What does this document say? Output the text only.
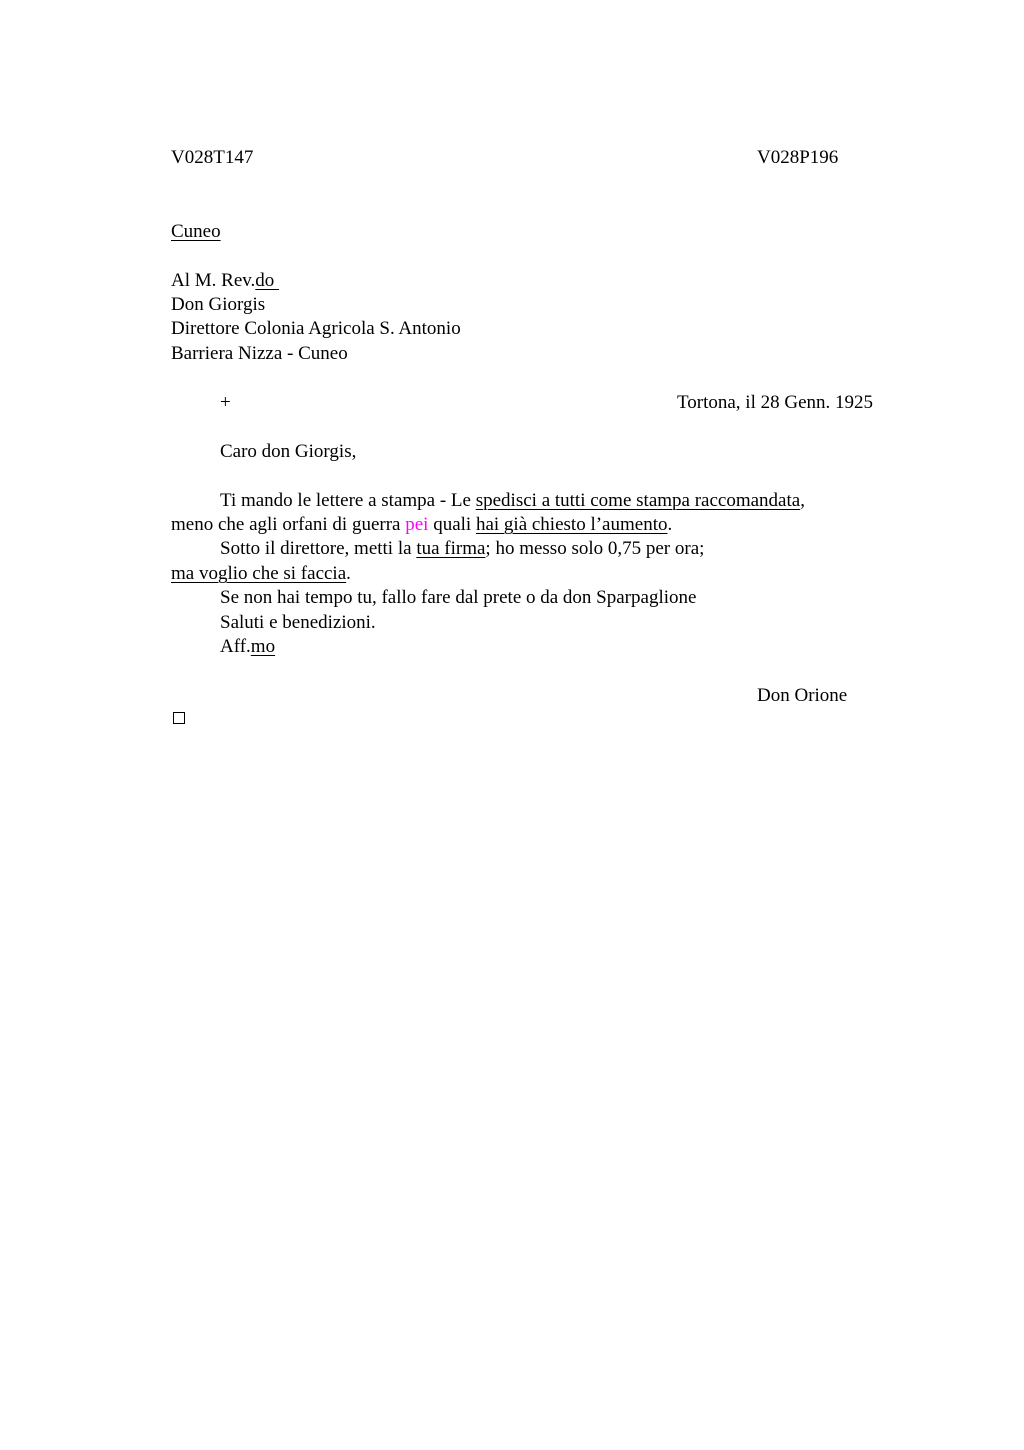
V028T147	V028P196

Cuneo

Al M. Rev.do

Don Giorgis

Direttore Colonia Agricola S. Antonio

Barriera Nizza - Cuneo

+	Tortona, il 28 Genn. 1925

Caro don Giorgis,

Ti mando le lettere a stampa - Le spedisci a tutti come stampa raccomandata,

meno che agli orfani di guerra pei quali hai già chiesto l’aumento.

Sotto il direttore, metti la tua firma; ho messo solo 0,75 per ora;

ma voglio che si faccia.

Se non hai tempo tu, fallo fare dal prete o da don Sparpaglione

Saluti e benedizioni.

Aff.mo

Don Orione
